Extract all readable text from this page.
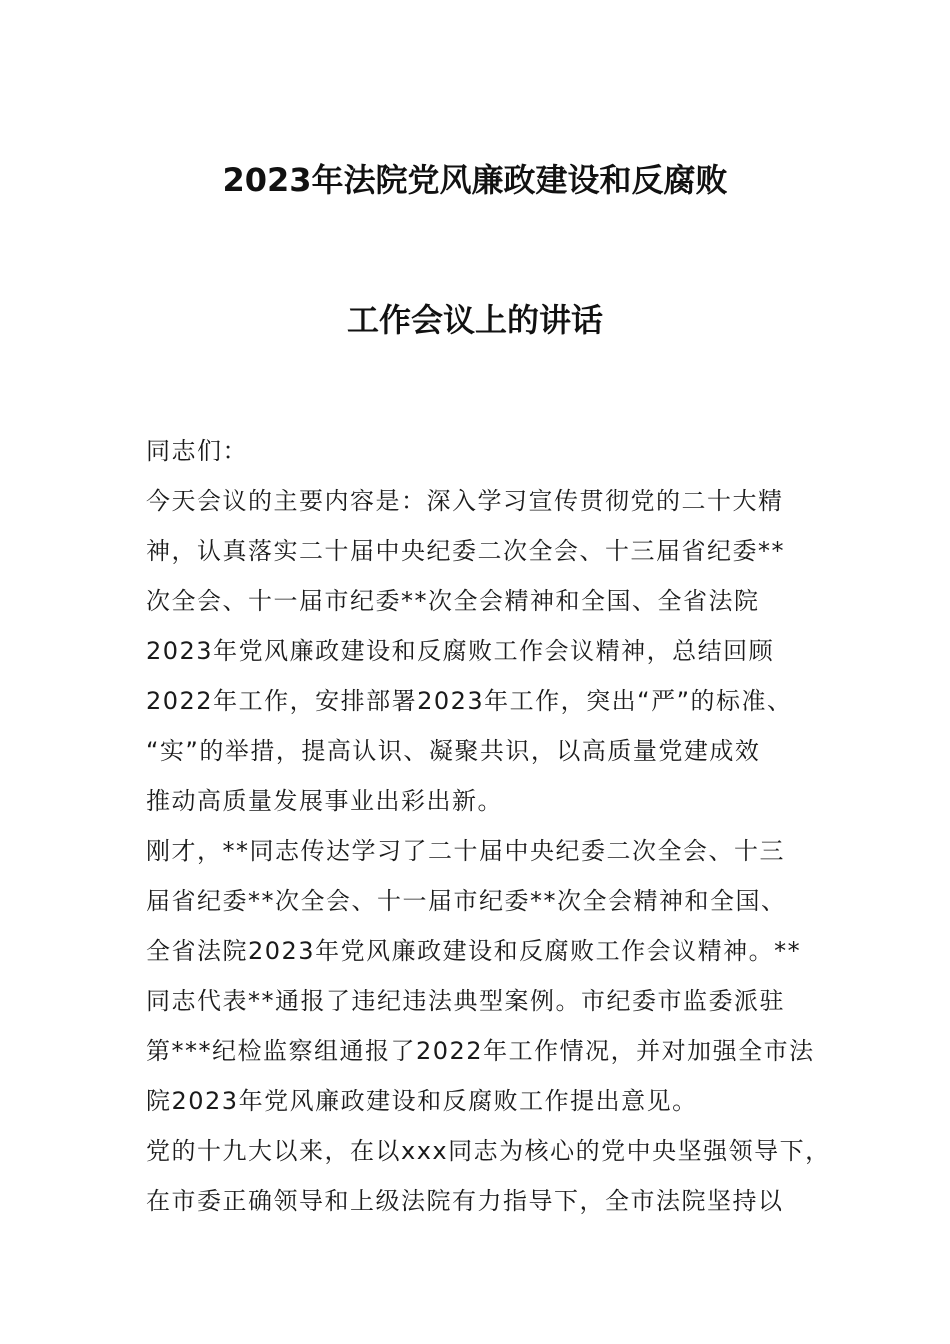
2023年法院党风廉政建设和反腐败
工作会议上的讲话
同志们：
今天会议的主要内容是：深入学习宣传贯彻党的二十大精
神，认真落实二十届中央纪委二次全会、十三届省纪委**
次全会、十一届市纪委**次全会精神和全国、全省法院
2023年党风廉政建设和反腐败工作会议精神，总结回顾
2022年工作，安排部署2023年工作，突出“严”的标准、
“实”的举措，提高认识、凝聚共识，以高质量党建成效
推动高质量发展事业出彩出新。
刚才，**同志传达学习了二十届中央纪委二次全会、十三
届省纪委**次全会、十一届市纪委**次全会精神和全国、
全省法院2023年党风廉政建设和反腐败工作会议精神。**
同志代表**通报了违纪违法典型案例。市纪委市监委派驻
第***纪检监察组通报了2022年工作情况，并对加强全市法
院2023年党风廉政建设和反腐败工作提出意见。
党的十九大以来，在以xxx同志为核心的党中央坚强领导下，
在市委正确领导和上级法院有力指导下，全市法院坚持以
